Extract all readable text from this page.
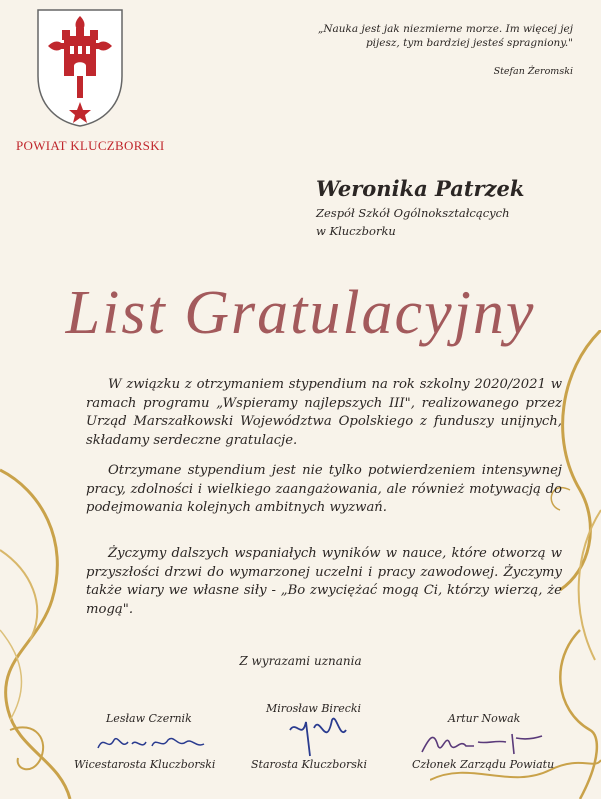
POWIAT KLUCZBORSKI
„Nauka jest jak niezmierne morze. Im więcej jej pijesz, tym bardziej jesteś spragniony."
Stefan Żeromski
Weronika Patrzek
Zespół Szkół Ogólnokształcących
w Kluczborku
List Gratulacyjny
W związku z otrzymaniem stypendium na rok szkolny 2020/2021 w ramach programu „Wspieramy najlepszych III", realizowanego przez Urząd Marszałkowski Województwa Opolskiego z funduszy unijnych, składamy serdeczne gratulacje.
Otrzymane stypendium jest nie tylko potwierdzeniem intensywnej pracy, zdolności i wielkiego zaangażowania, ale również motywacją do podejmowania kolejnych ambitnych wyzwań.
Życzymy dalszych wspaniałych wyników w nauce, które otworzą w przyszłości drzwi do wymarzonej uczelni i pracy zawodowej. Życzymy także wiary we własne siły - „Bo zwyciężać mogą Ci, którzy wierzą, że mogą".
Z wyrazami uznania
Lesław Czernik
Wicestarosta Kluczborski
Mirosław Birecki
Starosta Kluczborski
Artur Nowak
Członek Zarządu Powiatu
